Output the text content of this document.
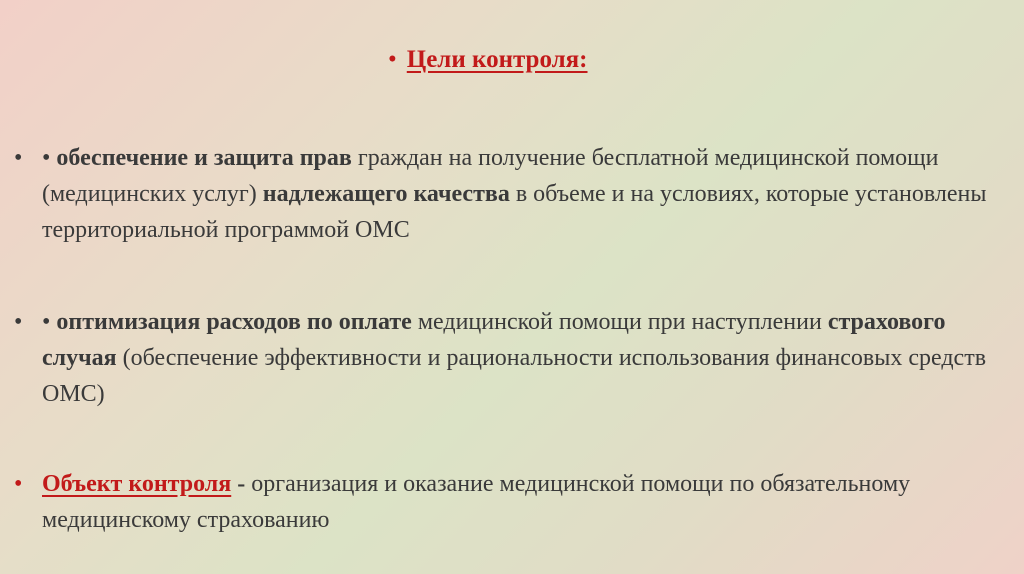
• Цели контроля:
• • обеспечение и защита прав граждан на получение бесплатной медицинской помощи (медицинских услуг) надлежащего качества в объеме и на условиях, которые установлены территориальной программой ОМС
• • оптимизация расходов по оплате медицинской помощи при наступлении страхового случая (обеспечение эффективности и рациональности использования финансовых средств ОМС)
• Объект контроля - организация и оказание медицинской помощи по обязательному медицинскому страхованию
